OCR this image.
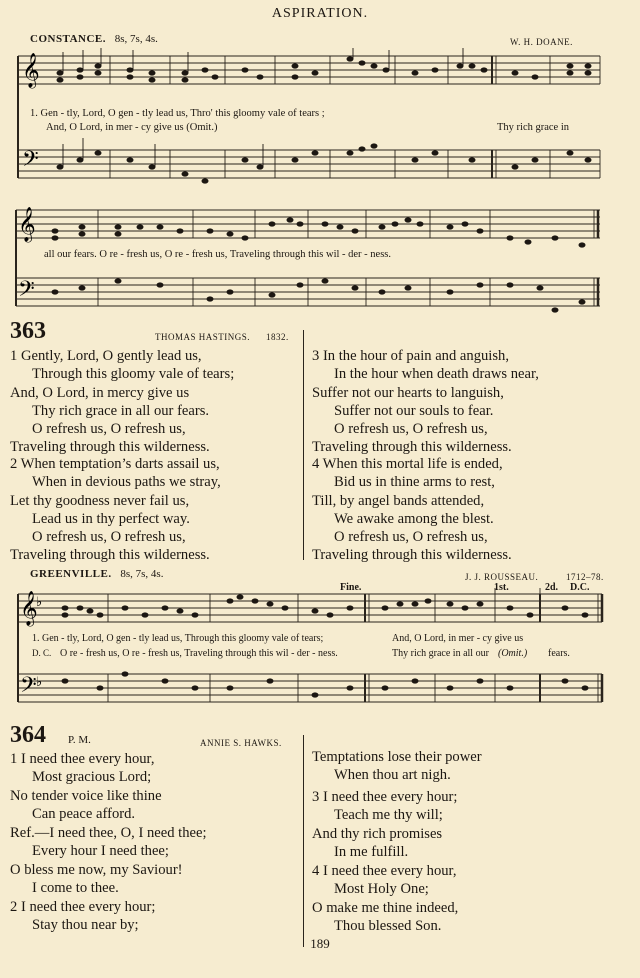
ASPIRATION.
CONSTANCE. 8s, 7s, 4s.	W. H. DOANE.
𝄞
𝄢
1. Gen - tly, Lord, O gen - tly lead us, Thro' this gloomy vale of tears ;
And, O Lord, in mer - cy give us (Omit.)	Thy rich grace in
𝄞
𝄢
all our fears. O re - fresh us, O re - fresh us, Traveling through this wil - der - ness.
363	THOMAS HASTINGS. 1832.
1 Gently, Lord, O gently lead us,
Through this gloomy vale of tears;
And, O Lord, in mercy give us
Thy rich grace in all our fears.
O refresh us, O refresh us,
Traveling through this wilderness.
2 When temptation’s darts assail us,
When in devious paths we stray,
Let thy goodness never fail us,
Lead us in thy perfect way.
O refresh us, O refresh us,
Traveling through this wilderness.
3 In the hour of pain and anguish,
In the hour when death draws near,
Suffer not our hearts to languish,
Suffer not our souls to fear.
O refresh us, O refresh us,
Traveling through this wilderness.
4 When this mortal life is ended,
Bid us in thine arms to rest,
Till, by angel bands attended,
We awake among the blest.
O refresh us, O refresh us,
Traveling through this wilderness.
GREENVILLE. 8s, 7s, 4s.	J. J. ROUSSEAU.	1712–78.
Fine.	1st.	2d. D.C.
𝄞
𝄢
♭
♭
1. Gen - tly, Lord, O gen - tly lead us, Through this gloomy vale of tears;	And, O Lord, in mer - cy give us
D. C. O re - fresh us, O re - fresh us, Traveling through this wil - der - ness.	Thy rich grace in all our (Omit.) fears.
364 P. M.	ANNIE S. HAWKS.
1 I need thee every hour,
Most gracious Lord;
No tender voice like thine
Can peace afford.
Ref.—I need thee, O, I need thee;
Every hour I need thee;
O bless me now, my Saviour!
I come to thee.
2 I need thee every hour;
Stay thou near by;
Temptations lose their power
When thou art nigh.
3 I need thee every hour;
Teach me thy will;
And thy rich promises
In me fulfill.
4 I need thee every hour,
Most Holy One;
O make me thine indeed,
Thou blessed Son.
189
